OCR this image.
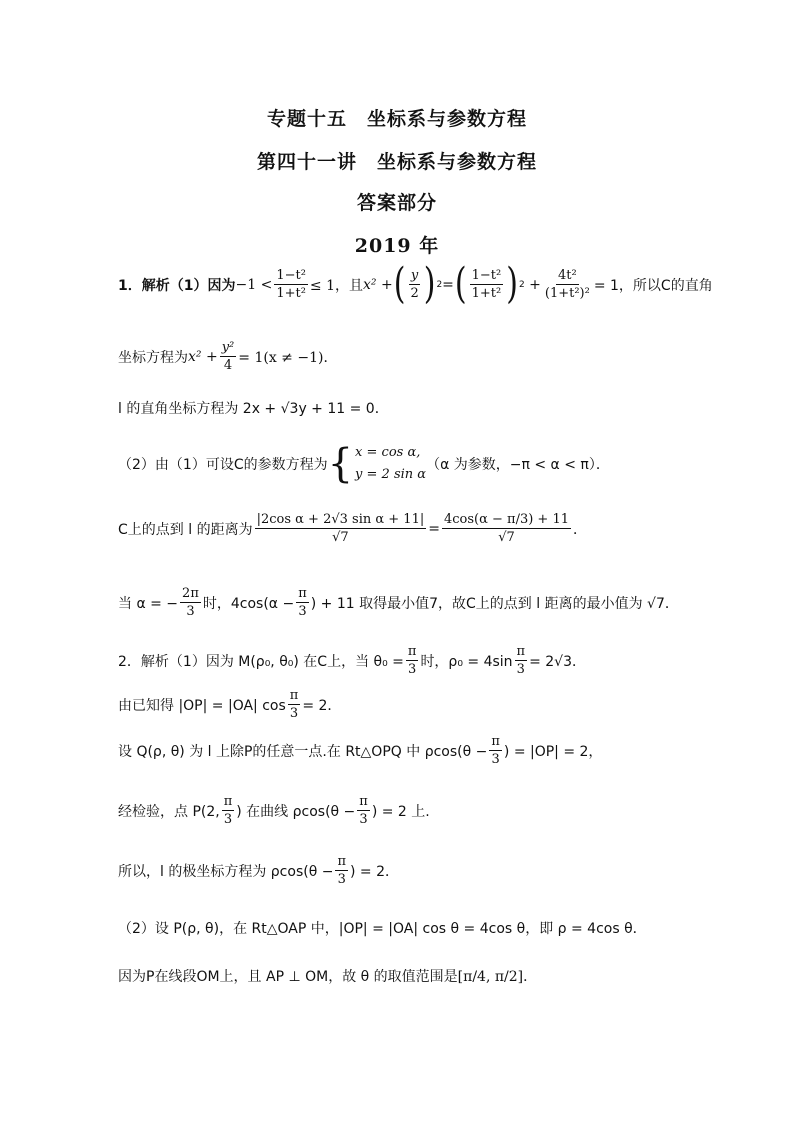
专题十五　坐标系与参数方程
第四十一讲　坐标系与参数方程
答案部分
2019 年
1．解析（1）因为 $-1 < \frac{\text{1−t²}}{\text{1+t²}} \le 1$，且 x² + ( $\frac{y}{2}$ ) 2 = ( $\frac{\text{1−t²}}{\text{1+t²}}$ ) $2 + \frac{\text{4t²}}{\text{(1+t²)²}} = 1$，所以C的直角
坐标方程为 $x^2 + \frac{\text{y²}}{4} = 1(x \ne -1)$．
l 的直角坐标方程为 2x + √3y + 11 = 0．
（2）由（1）可设C的参数方程为 { x = cos α,
y = 2 sin α
（α 为参数，−π < α < π）．
C上的点到 l 的距离为 $\frac{\text{|2cos α + 2√3 sin α + 11|}}{√7} = \frac{4\cos(\alpha - \pi/3) + 11}{√7}$ ．
当 α = − $\frac{2\pi}{3}$ 时，$4\cos(\alpha - \frac{\pi}{3}$ ) + 11 取得最小值7，故C上的点到 l 距离的最小值为 √7．
2．解析（1）因为 M(ρ₀, θ₀) 在C上，当 $\theta_0 = \frac{\pi}{3}$ 时，$\rho_0 = 4\sin \frac{\pi}{3} = 2√3$．
由已知得 |OP| = |OA| $\cos \frac{\pi}{3} = 2$．
设 Q(ρ, θ) 为 l 上除P的任意一点.在 Rt△OPQ 中 $\rho\cos(\theta - \frac{\pi}{3}$ ) = |OP| = 2，
经检验，点 P(2, $\frac{\pi}{3}$ ) 在曲线 $\rho\cos(\theta - \frac{\pi}{3}$ ) = 2 上.
所以，l 的极坐标方程为 $\rho\cos(\theta - \frac{\pi}{3}$ ) = 2．
（2）设 P(ρ, θ)，在 Rt△OAP 中，|OP| = |OA| cos θ = 4cos θ，即 ρ = 4cos θ．
因为P在线段OM上，且 AP ⊥ OM，故 θ 的取值范围是 [π/4, π/2]．
